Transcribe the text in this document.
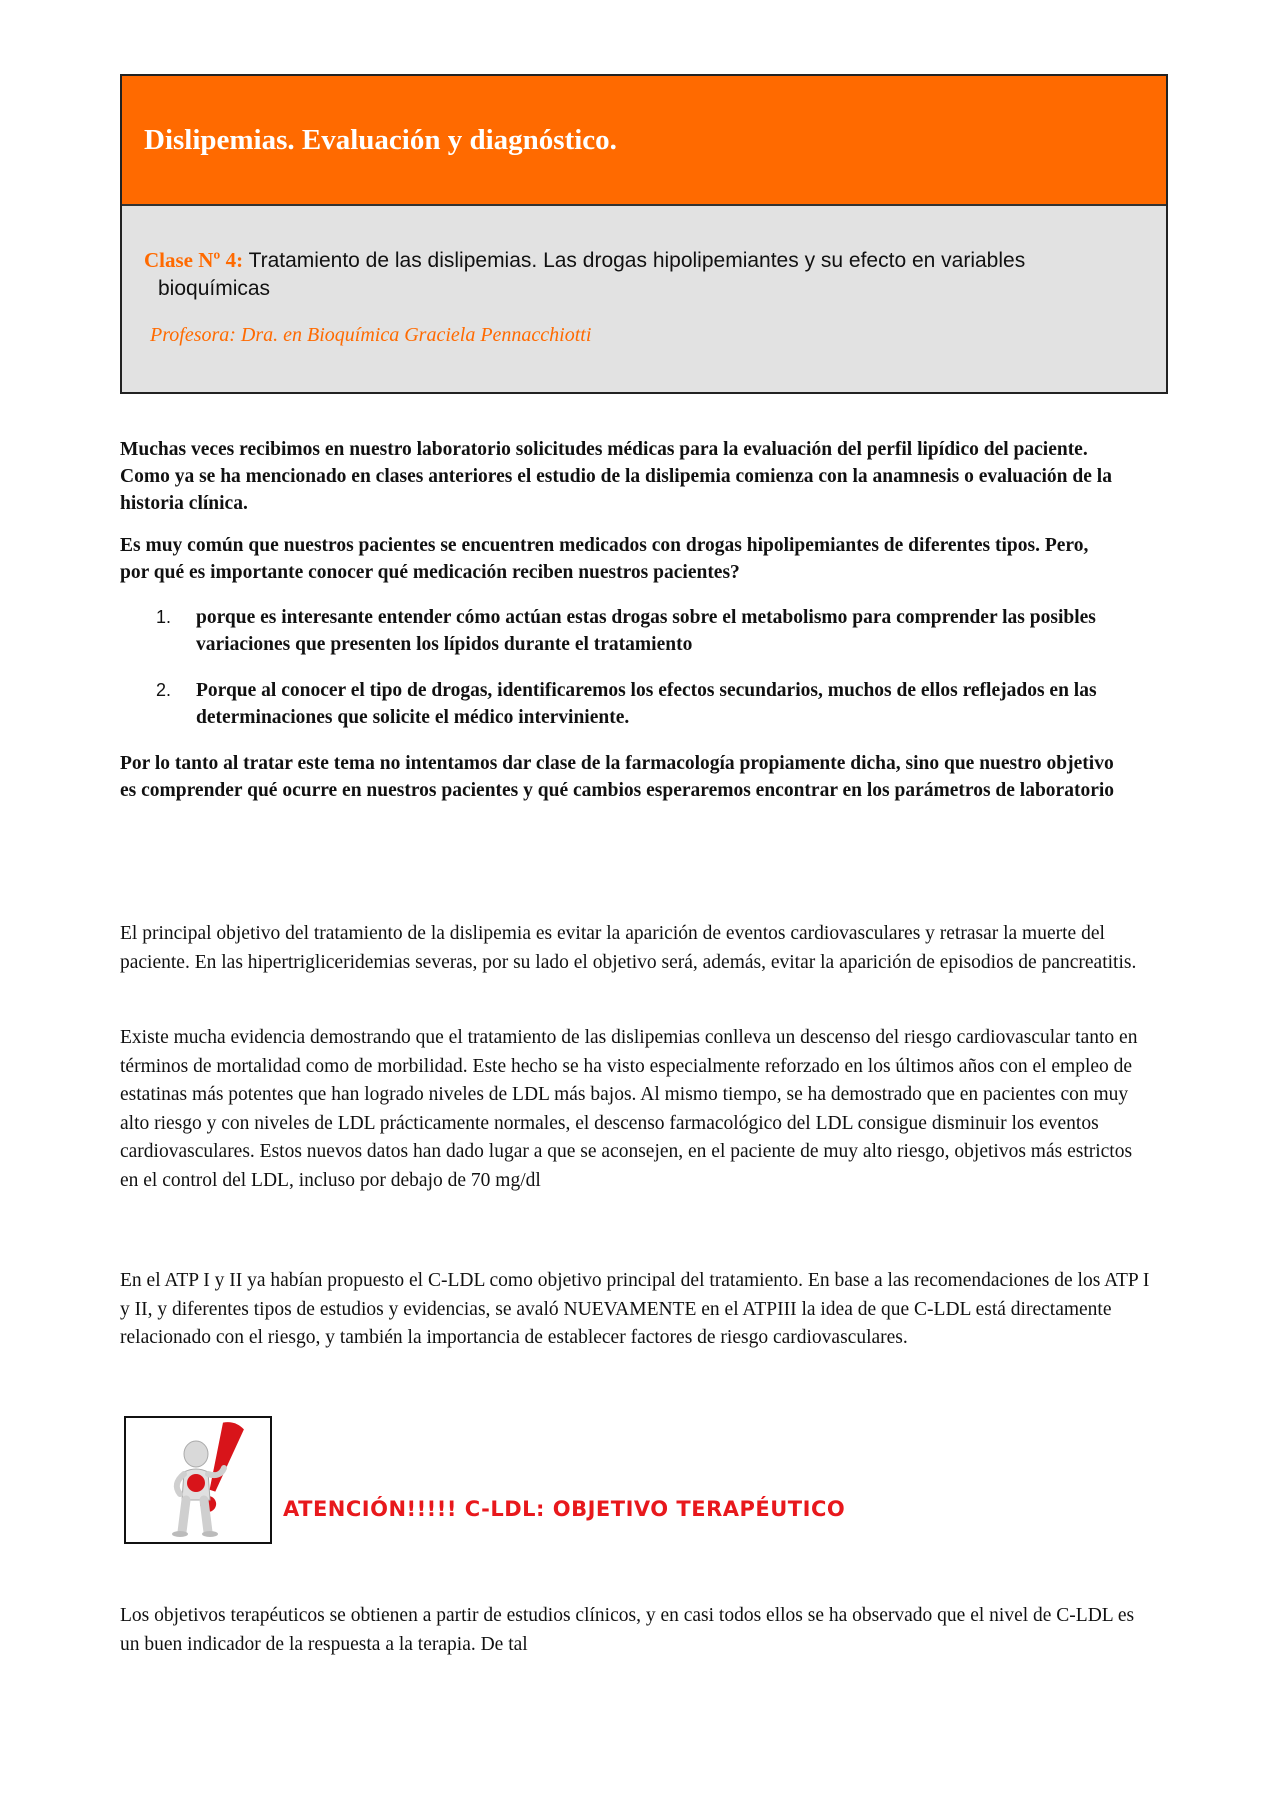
Dislipemias. Evaluación y diagnóstico.
Clase Nº 4: Tratamiento de las dislipemias. Las drogas hipolipemiantes y su efecto en variables
bioquímicas
Profesora: Dra. en Bioquímica Graciela Pennacchiotti
Muchas veces recibimos en nuestro laboratorio solicitudes médicas para la evaluación del perfil lipídico del paciente. Como ya se ha mencionado en clases anteriores el estudio de la dislipemia comienza con la anamnesis o evaluación de la historia clínica.
Es muy común que nuestros pacientes se encuentren medicados con drogas hipolipemiantes de diferentes tipos. Pero, por qué es importante conocer qué medicación reciben nuestros pacientes?
1.	porque es interesante entender cómo actúan estas drogas sobre el metabolismo para comprender las posibles variaciones que presenten los lípidos durante el tratamiento
2.	Porque al conocer el tipo de drogas, identificaremos los efectos secundarios, muchos de ellos reflejados en las determinaciones que solicite el médico interviniente.
Por lo tanto al tratar este tema no intentamos dar clase de la farmacología propiamente dicha, sino que nuestro objetivo es comprender qué ocurre en nuestros pacientes y qué cambios esperaremos encontrar en los parámetros de laboratorio
El principal objetivo del tratamiento de la dislipemia es evitar la aparición de eventos cardiovasculares y retrasar la muerte del paciente. En las hipertrigliceridemias severas, por su lado el objetivo será, además, evitar la aparición de episodios de pancreatitis.
Existe mucha evidencia demostrando que el tratamiento de las dislipemias conlleva un descenso del riesgo cardiovascular tanto en términos de mortalidad como de morbilidad. Este hecho se ha visto especialmente reforzado en los últimos años con el empleo de estatinas más potentes que han logrado niveles de LDL más bajos. Al mismo tiempo, se ha demostrado que en pacientes con muy alto riesgo y con niveles de LDL prácticamente normales, el descenso farmacológico del LDL consigue disminuir los eventos cardiovasculares. Estos nuevos datos han dado lugar a que se aconsejen, en el paciente de muy alto riesgo, objetivos más estrictos en el control del LDL, incluso por debajo de 70 mg/dl
En el ATP I y II ya habían propuesto el C-LDL como objetivo principal del tratamiento. En base a las recomendaciones de los ATP I y II, y diferentes tipos de estudios y evidencias, se avaló NUEVAMENTE en el ATPIII la idea de que C-LDL está directamente relacionado con el riesgo, y también la importancia de establecer factores de riesgo cardiovasculares.
ATENCIÓN!!!!! C-LDL: OBJETIVO TERAPÉUTICO
Los objetivos terapéuticos se obtienen a partir de estudios clínicos, y en casi todos ellos se ha observado que el nivel de C-LDL es un buen indicador de la respuesta a la terapia. De tal
